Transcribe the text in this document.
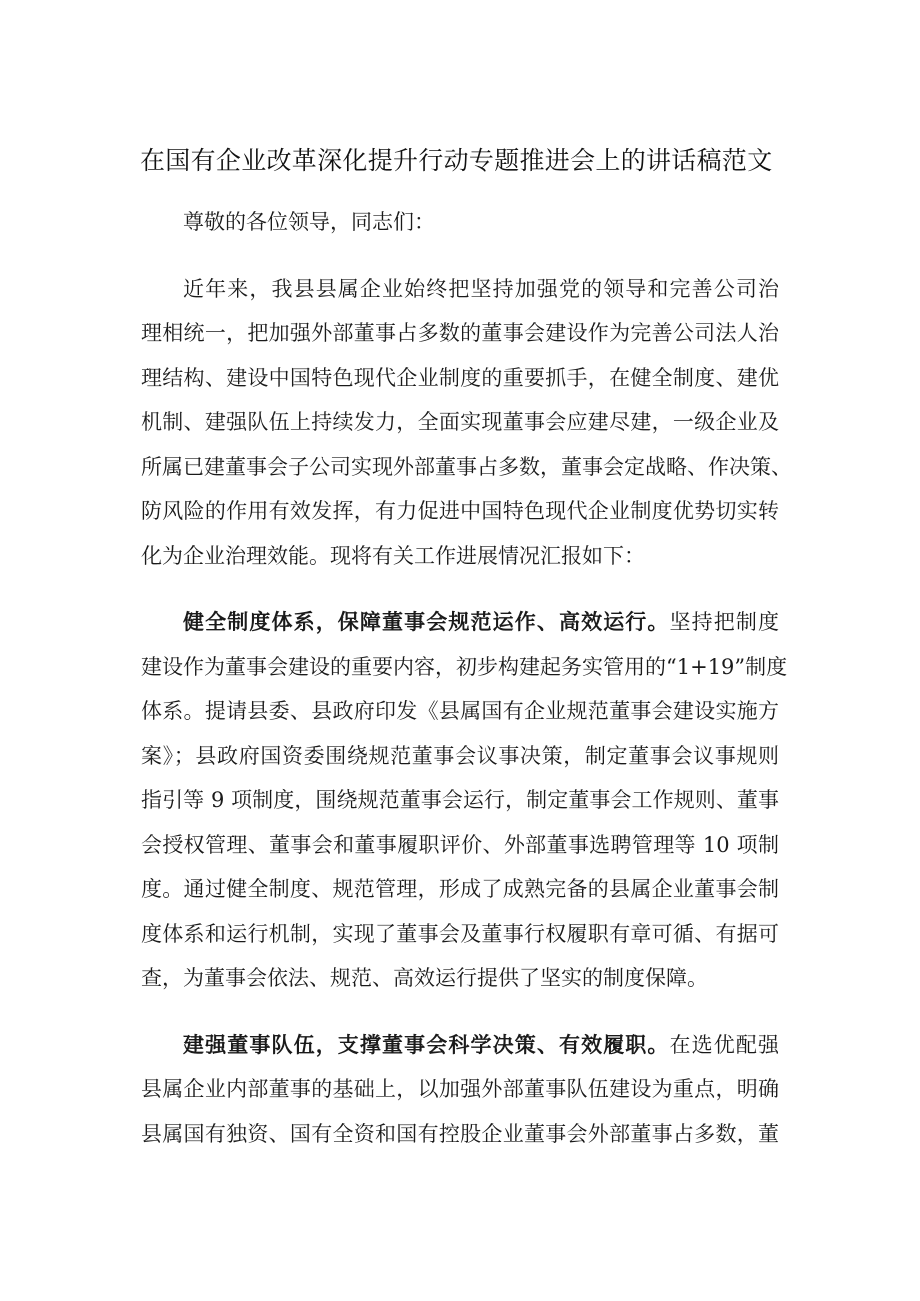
在国有企业改革深化提升行动专题推进会上的讲话稿范文
尊敬的各位领导，同志们：
近年来，我县县属企业始终把坚持加强党的领导和完善公司治
理相统一，把加强外部董事占多数的董事会建设作为完善公司法人治
理结构、建设中国特色现代企业制度的重要抓手，在健全制度、建优
机制、建强队伍上持续发力，全面实现董事会应建尽建，一级企业及
所属已建董事会子公司实现外部董事占多数，董事会定战略、作决策、
防风险的作用有效发挥，有力促进中国特色现代企业制度优势切实转
化为企业治理效能。现将有关工作进展情况汇报如下：
健全制度体系，保障董事会规范运作、高效运行。坚持把制度
建设作为董事会建设的重要内容，初步构建起务实管用的“1+19”制度
体系。提请县委、县政府印发《县属国有企业规范董事会建设实施方
案》；县政府国资委围绕规范董事会议事决策，制定董事会议事规则
指引等 9 项制度，围绕规范董事会运行，制定董事会工作规则、董事
会授权管理、董事会和董事履职评价、外部董事选聘管理等 10 项制
度。通过健全制度、规范管理，形成了成熟完备的县属企业董事会制
度体系和运行机制，实现了董事会及董事行权履职有章可循、有据可
查，为董事会依法、规范、高效运行提供了坚实的制度保障。
建强董事队伍，支撑董事会科学决策、有效履职。在选优配强
县属企业内部董事的基础上，以加强外部董事队伍建设为重点，明确
县属国有独资、国有全资和国有控股企业董事会外部董事占多数，董
